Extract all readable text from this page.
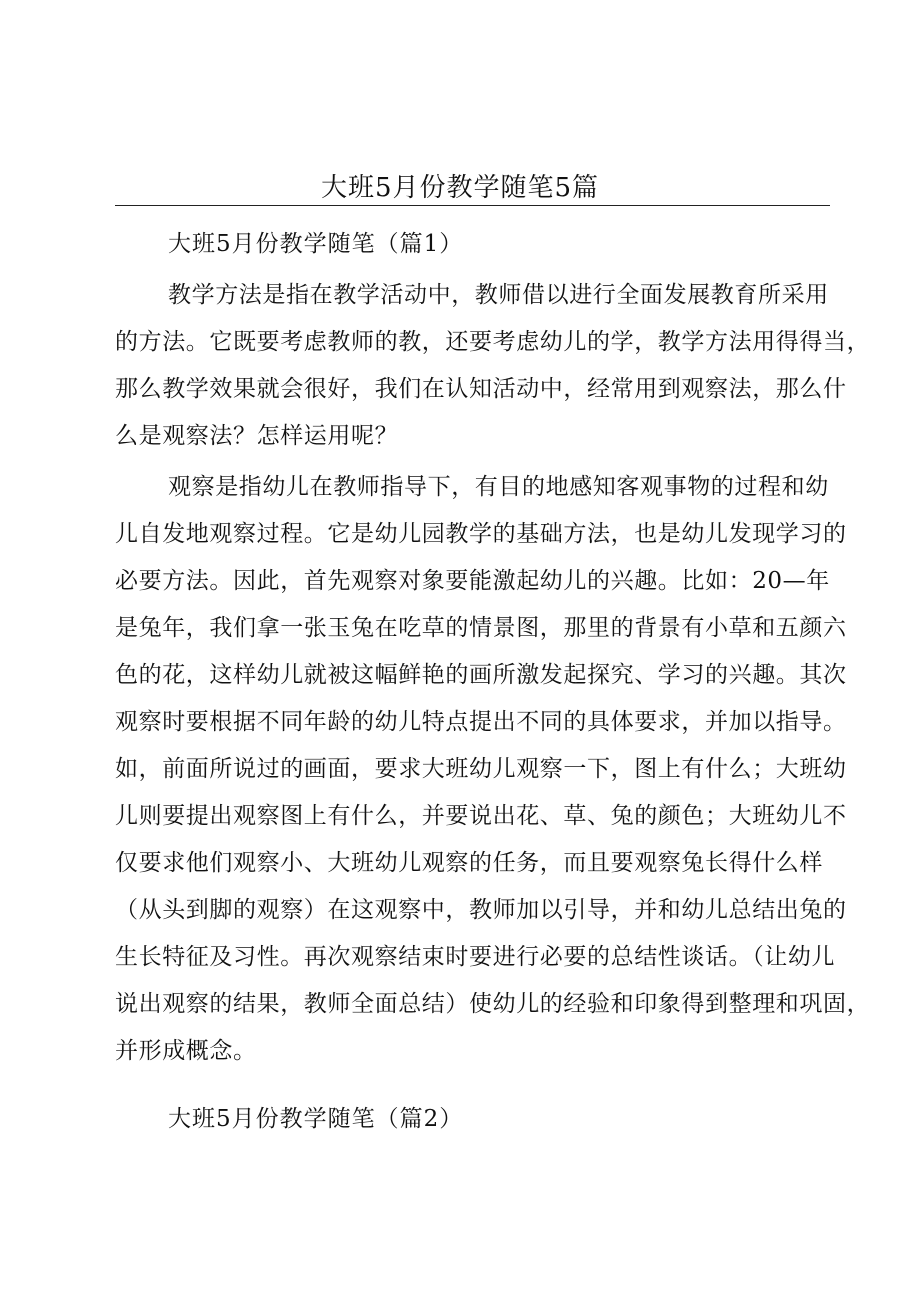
大班5月份教学随笔5篇
大班5月份教学随笔（篇1）
教学方法是指在教学活动中，教师借以进行全面发展教育所采用
的方法。它既要考虑教师的教，还要考虑幼儿的学，教学方法用得得当，
那么教学效果就会很好，我们在认知活动中，经常用到观察法，那么什
么是观察法？怎样运用呢？
观察是指幼儿在教师指导下，有目的地感知客观事物的过程和幼
儿自发地观察过程。它是幼儿园教学的基础方法，也是幼儿发现学习的
必要方法。因此，首先观察对象要能激起幼儿的兴趣。比如：20—年
是兔年，我们拿一张玉兔在吃草的情景图，那里的背景有小草和五颜六
色的花，这样幼儿就被这幅鲜艳的画所激发起探究、学习的兴趣。其次
观察时要根据不同年龄的幼儿特点提出不同的具体要求，并加以指导。
如，前面所说过的画面，要求大班幼儿观察一下，图上有什么；大班幼
儿则要提出观察图上有什么，并要说出花、草、兔的颜色；大班幼儿不
仅要求他们观察小、大班幼儿观察的任务，而且要观察兔长得什么样
（从头到脚的观察）在这观察中，教师加以引导，并和幼儿总结出兔的
生长特征及习性。再次观察结束时要进行必要的总结性谈话。（让幼儿
说出观察的结果，教师全面总结）使幼儿的经验和印象得到整理和巩固，
并形成概念。
大班5月份教学随笔（篇2）
